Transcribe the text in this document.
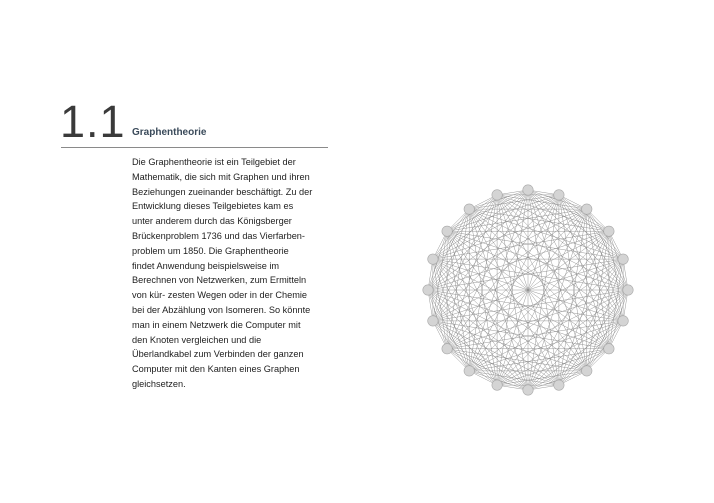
1.1 Graphentheorie
Die Graphentheorie ist ein Teilgebiet der
Mathematik, die sich mit Graphen und ihren
Beziehungen zueinander beschäftigt. Zu der
Entwicklung dieses Teilgebietes kam es
unter anderem durch das Königsberger
Brückenproblem 1736 und das Vierfarben-
problem um 1850. Die Graphentheorie
findet Anwendung beispielsweise im
Berechnen von Netzwerken, zum Ermitteln
von kür- zesten Wegen oder in der Chemie
bei der Abzählung von Isomeren. So könnte
man in einem Netzwerk die Computer mit
den Knoten vergleichen und die
Überlandkabel zum Verbinden der ganzen
Computer mit den Kanten eines Graphen
gleichsetzen.
